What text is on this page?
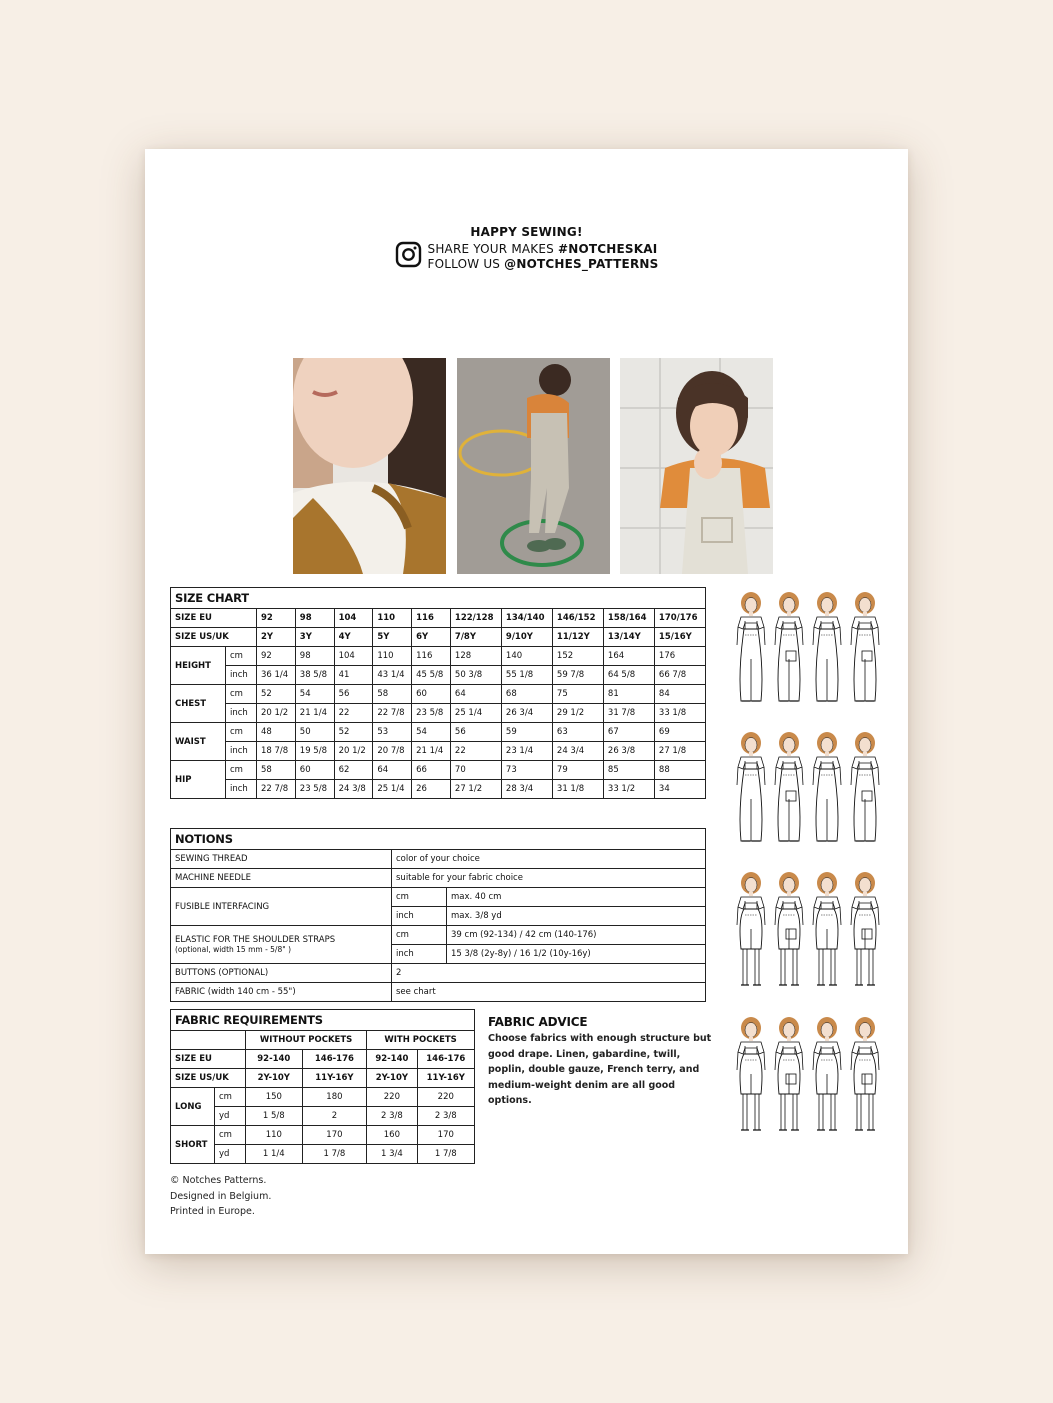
HAPPY SEWING!
SHARE YOUR MAKES #NOTCHESKAI
FOLLOW US @NOTCHES_PATTERNS
SIZE CHART											
SIZE EU		92	98	104	110	116	122/128	134/140	146/152	158/164	170/176
SIZE US/UK		2Y	3Y	4Y	5Y	6Y	7/8Y	9/10Y	11/12Y	13/14Y	15/16Y
HEIGHT	cm	92	98	104	110	116	128	140	152	164	176
	inch	36 1/4	38 5/8	41	43 1/4	45 5/8	50 3/8	55 1/8	59 7/8	64 5/8	66 7/8
CHEST	cm	52	54	56	58	60	64	68	75	81	84
	inch	20 1/2	21 1/4	22	22 7/8	23 5/8	25 1/4	26 3/4	29 1/2	31 7/8	33 1/8
WAIST	cm	48	50	52	53	54	56	59	63	67	69
	inch	18 7/8	19 5/8	20 1/2	20 7/8	21 1/4	22	23 1/4	24 3/4	26 3/8	27 1/8
HIP	cm	58	60	62	64	66	70	73	79	85	88
	inch	22 7/8	23 5/8	24 3/8	25 1/4	26	27 1/2	28 3/4	31 1/8	33 1/2	34
NOTIONS		
SEWING THREAD	color of your choice	
MACHINE NEEDLE	suitable for your fabric choice	
FUSIBLE INTERFACING	cm	max. 40 cm
	inch	max. 3/8 yd
ELASTIC FOR THE SHOULDER STRAPS
(optional, width 15 mm - 5/8" )	cm	39 cm (92-134) / 42 cm (140-176)
	inch	15 3/8 (2y-8y) / 16 1/2 (10y-16y)
BUTTONS (OPTIONAL)	2	
FABRIC (width 140 cm - 55")	see chart	
FABRIC REQUIREMENTS					
		WITHOUT POCKETS		WITH POCKETS	
SIZE EU		92-140	146-176	92-140	146-176
SIZE US/UK		2Y-10Y	11Y-16Y	2Y-10Y	11Y-16Y
LONG	cm	150	180	220	220
	yd	1 5/8	2	2 3/8	2 3/8
SHORT	cm	110	170	160	170
	yd	1 1/4	1 7/8	1 3/4	1 7/8
FABRIC ADVICE

Choose fabrics with enough structure but good drape. Linen, gabardine, twill, poplin, double gauze, French terry, and medium-weight denim are all good options.

© Notches Patterns.
Designed in Belgium.
Printed in Europe.
